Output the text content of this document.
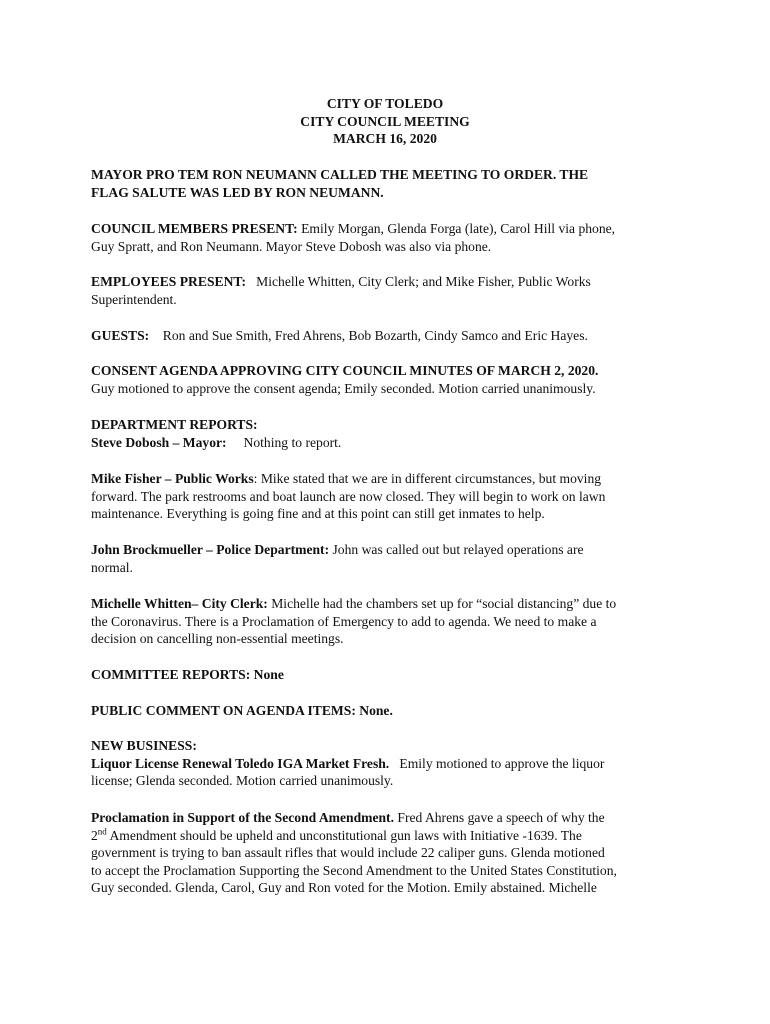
CITY OF TOLEDO
CITY COUNCIL MEETING
MARCH 16, 2020

MAYOR PRO TEM RON NEUMANN CALLED THE MEETING TO ORDER. THE

FLAG SALUTE WAS LED BY RON NEUMANN.

COUNCIL MEMBERS PRESENT: Emily Morgan, Glenda Forga (late), Carol Hill via phone,

Guy Spratt, and Ron Neumann. Mayor Steve Dobosh was also via phone.

EMPLOYEES PRESENT:   Michelle Whitten, City Clerk; and Mike Fisher, Public Works

Superintendent.

GUESTS:    Ron and Sue Smith, Fred Ahrens, Bob Bozarth, Cindy Samco and Eric Hayes.

CONSENT AGENDA APPROVING CITY COUNCIL MINUTES OF MARCH 2, 2020.

Guy motioned to approve the consent agenda; Emily seconded. Motion carried unanimously.

DEPARTMENT REPORTS:

Steve Dobosh – Mayor:     Nothing to report.

Mike Fisher – Public Works: Mike stated that we are in different circumstances, but moving

forward. The park restrooms and boat launch are now closed. They will begin to work on lawn

maintenance. Everything is going fine and at this point can still get inmates to help.

John Brockmueller – Police Department: John was called out but relayed operations are

normal.

Michelle Whitten– City Clerk: Michelle had the chambers set up for “social distancing” due to

the Coronavirus. There is a Proclamation of Emergency to add to agenda. We need to make a

decision on cancelling non-essential meetings.

COMMITTEE REPORTS: None

PUBLIC COMMENT ON AGENDA ITEMS: None.

NEW BUSINESS:

Liquor License Renewal Toledo IGA Market Fresh.   Emily motioned to approve the liquor

license; Glenda seconded. Motion carried unanimously.

Proclamation in Support of the Second Amendment. Fred Ahrens gave a speech of why the

2nd Amendment should be upheld and unconstitutional gun laws with Initiative -1639. The

government is trying to ban assault rifles that would include 22 caliper guns. Glenda motioned

to accept the Proclamation Supporting the Second Amendment to the United States Constitution,

Guy seconded. Glenda, Carol, Guy and Ron voted for the Motion. Emily abstained. Michelle
